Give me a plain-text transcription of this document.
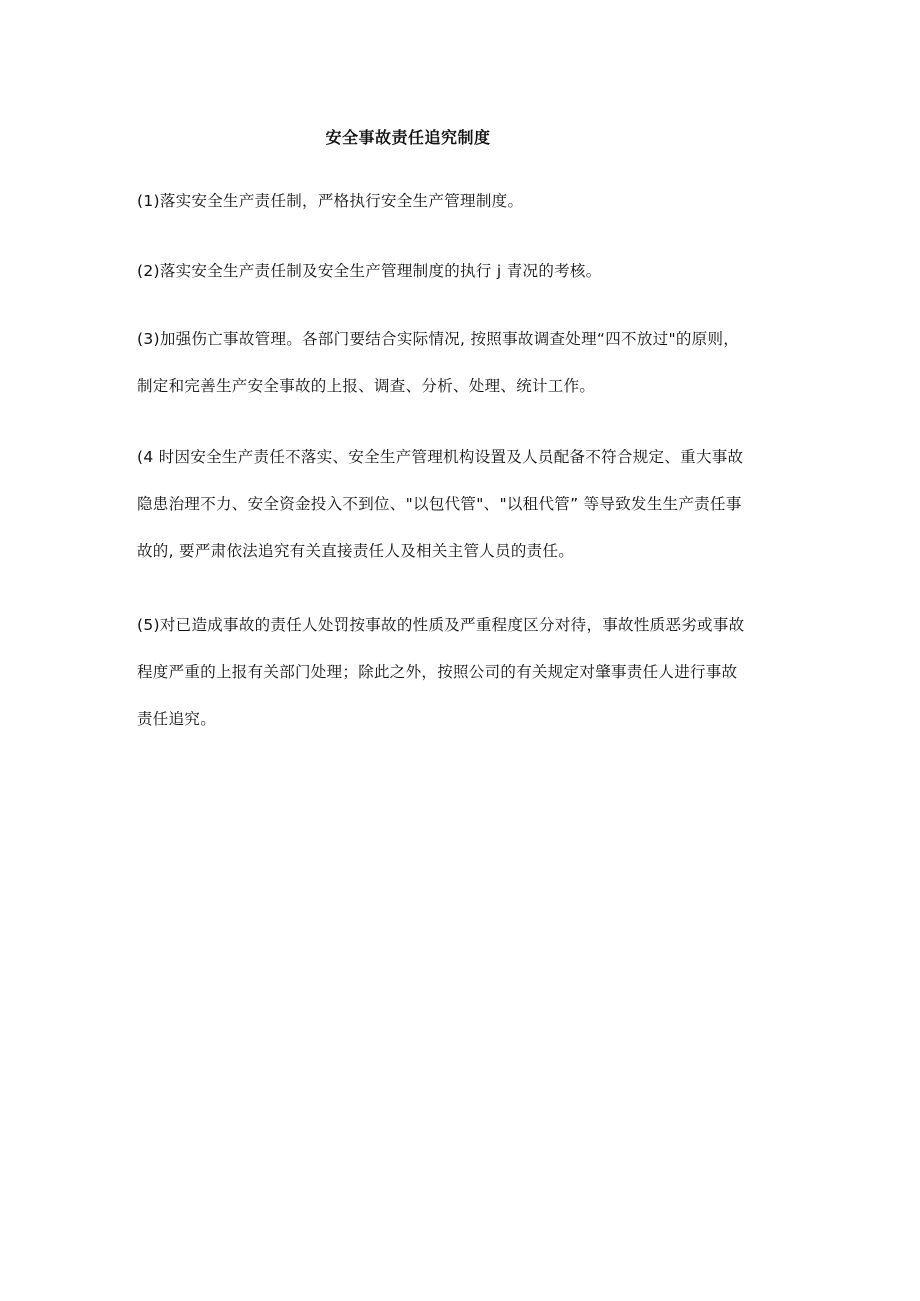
安全事故责任追究制度

(1)落实安全生产责任制，严格执行安全生产管理制度。

(2)落实安全生产责任制及安全生产管理制度的执行 j 青况的考核。

(3)加强伤亡事故管理。各部门要结合实际情况, 按照事故调查处理“四不放过"的原则，
制定和完善生产安全事故的上报、调查、分析、处理、统计工作。

(4 时因安全生产责任不落实、安全生产管理机构设置及人员配备不符合规定、重大事故
隐患治理不力、安全资金投入不到位、"以包代管"、"以租代管” 等导致发生生产责任事
故的, 要严肃依法追究有关直接责任人及相关主管人员的责任。

(5)对已造成事故的责任人处罚按事故的性质及严重程度区分对待，事故性质恶劣或事故
程度严重的上报有关部门处理；除此之外，按照公司的有关规定对肇事责任人进行事故
责任追究。
